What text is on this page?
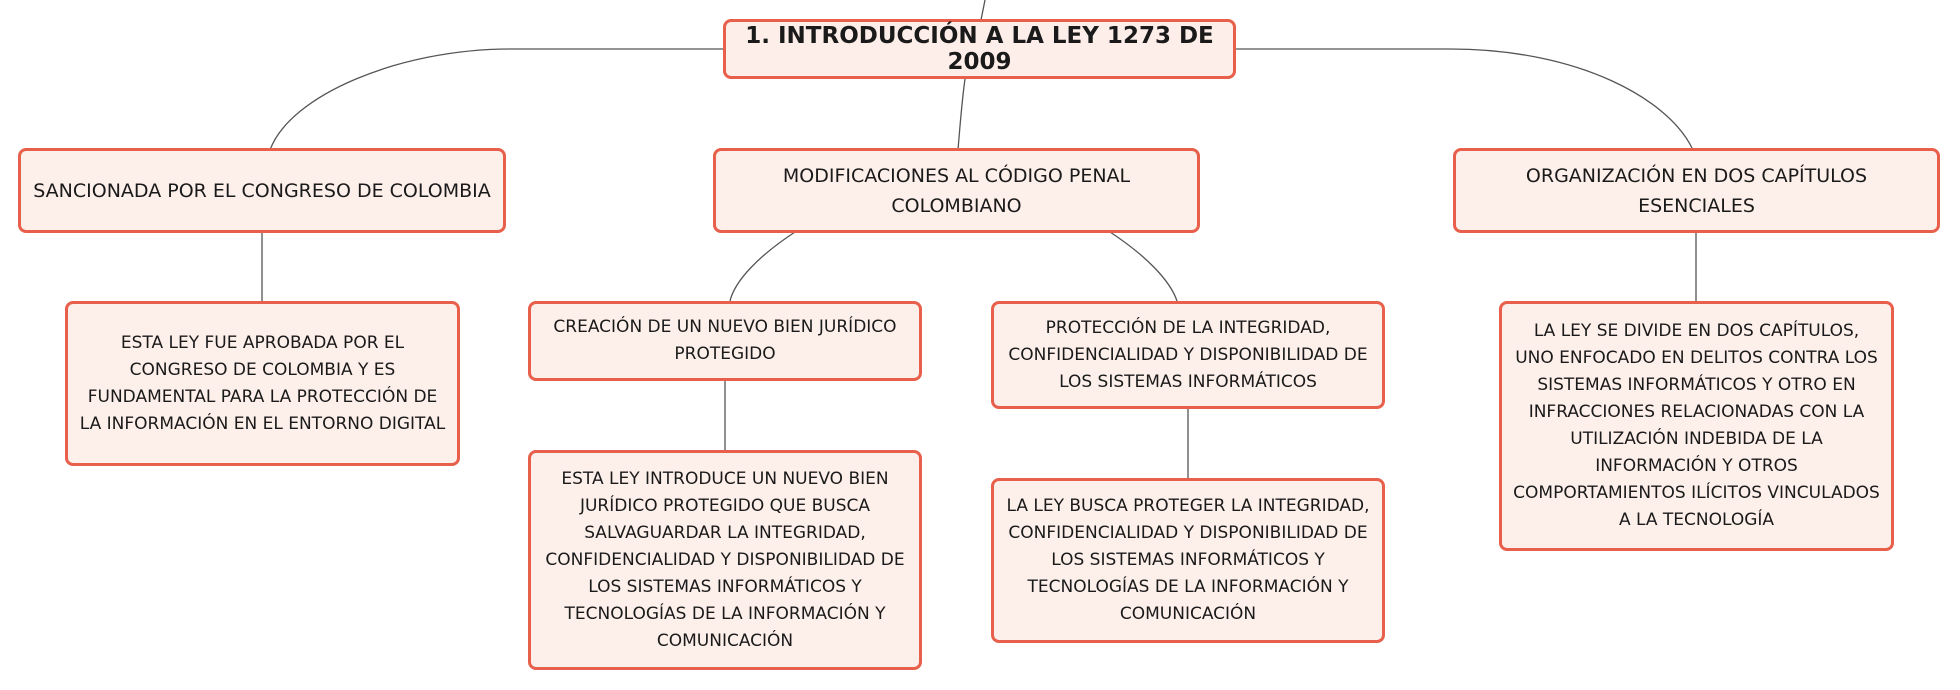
1. INTRODUCCIÓN A LA LEY 1273 DE 2009
SANCIONADA POR EL CONGRESO DE COLOMBIA
MODIFICACIONES AL CÓDIGO PENAL COLOMBIANO
ORGANIZACIÓN EN DOS CAPÍTULOS ESENCIALES
ESTA LEY FUE APROBADA POR EL CONGRESO DE COLOMBIA Y ES FUNDAMENTAL PARA LA PROTECCIÓN DE LA INFORMACIÓN EN EL ENTORNO DIGITAL
CREACIÓN DE UN NUEVO BIEN JURÍDICO PROTEGIDO
PROTECCIÓN DE LA INTEGRIDAD, CONFIDENCIALIDAD Y DISPONIBILIDAD DE LOS SISTEMAS INFORMÁTICOS
ESTA LEY INTRODUCE UN NUEVO BIEN JURÍDICO PROTEGIDO QUE BUSCA SALVAGUARDAR LA INTEGRIDAD, CONFIDENCIALIDAD Y DISPONIBILIDAD DE LOS SISTEMAS INFORMÁTICOS Y TECNOLOGÍAS DE LA INFORMACIÓN Y COMUNICACIÓN
LA LEY BUSCA PROTEGER LA INTEGRIDAD, CONFIDENCIALIDAD Y DISPONIBILIDAD DE LOS SISTEMAS INFORMÁTICOS Y TECNOLOGÍAS DE LA INFORMACIÓN Y COMUNICACIÓN
LA LEY SE DIVIDE EN DOS CAPÍTULOS, UNO ENFOCADO EN DELITOS CONTRA LOS SISTEMAS INFORMÁTICOS Y OTRO EN INFRACCIONES RELACIONADAS CON LA UTILIZACIÓN INDEBIDA DE LA INFORMACIÓN Y OTROS COMPORTAMIENTOS ILÍCITOS VINCULADOS A LA TECNOLOGÍA
